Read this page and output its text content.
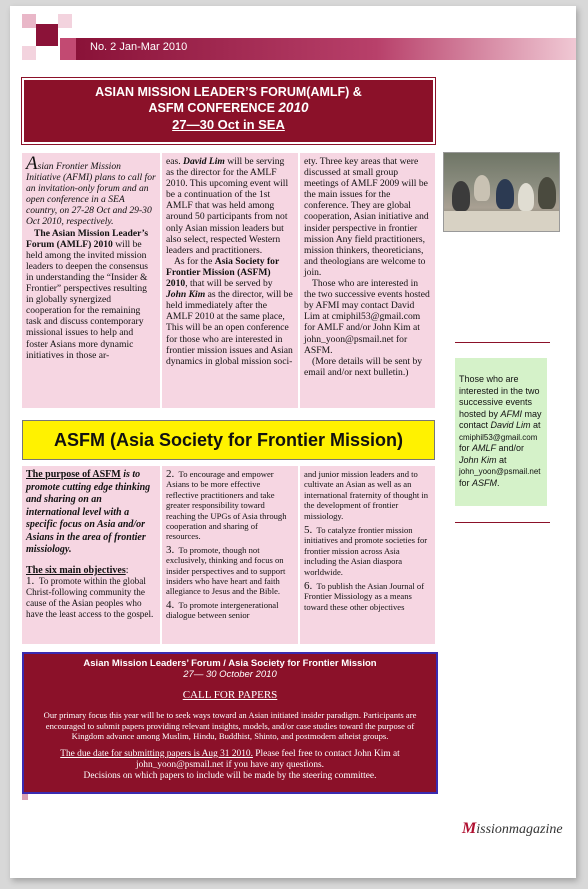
No. 2 Jan-Mar 2010
ASIAN MISSION LEADER’S FORUM(AMLF) &
ASFM CONFERENCE 2010
27—30 Oct in SEA

Asian Frontier Mission Initiative (AFMI) plans to call for an invitation-only forum and an open conference in a SEA country, on 27-28 Oct and 29-30 Oct 2010, respectively.

The Asian Mission Leader’s Forum (AMLF) 2010 will be held among the invited mission leaders to deepen the consensus in understanding the “Insider & Frontier” perspectives resulting in globally synergized cooperation for the remaining task and discuss contemporary missional issues to help and foster Asians more dynamic initiatives in those ar-

eas. David Lim will be serving as the director for the AMLF 2010. This upcoming event will be a continuation of the 1st AMLF that was held among around 50 participants from not only Asian mission leaders but also select, respected Western leaders and practitioners.

As for the Asia Society for Frontier Mission (ASFM) 2010, that will be served by John Kim as the director, will be held immediately after the AMLF 2010 at the same place, This will be an open conference for those who are interested in frontier mission issues and Asian dynamics in global mission soci-

ety. Three key areas that were discussed at small group meetings of AMLF 2009 will be the main issues for the conference. They are global cooperation, Asian initiative and insider perspective in frontier mission Any field practitioners, mission thinkers, theoreticians, and theologians are welcome to join.

Those who are interested in the two successive events hosted by AFMI may contact David Lim at cmiphil53@gmail.com for AMLF and/or John Kim at john_yoon@psmail.net for ASFM.

(More details will be sent by email and/or next bulletin.)

Those who are interested in the two successive events hosted by AFMI may contact David Lim at
cmiphil53@gmail.com
for AMLF and/or
John Kim at
john_yoon@psmail.net
for ASFM.
ASFM (Asia Society for Frontier Mission)

The purpose of ASFM is to promote cutting edge thinking and sharing on an international level with a specific focus on Asia and/or Asians in the area of frontier missiology.

The six main objectives:

1. To promote within the global Christ-following community the cause of the Asian peoples who have the least access to the gospel.

2. To encourage and empower Asians to be more effective reflective practitioners and take greater responsibility toward reaching the UPGs of Asia through cooperation and sharing of resources.

3. To promote, though not exclusively, thinking and focus on insider perspectives and to support insiders who have heart and faith allegiance to Jesus and the Bible.

4. To promote intergenerational dialogue between senior

and junior mission leaders and to cultivate an Asian as well as an international fraternity of thought in the development of frontier missiology.

5. To catalyze frontier mission initiatives and promote societies for frontier mission across Asia including the Asian diaspora worldwide.

6. To publish the Asian Journal of Frontier Missiology as a means toward these other objectives

Asian Mission Leaders’ Forum / Asia Society for Frontier Mission
27— 30 October 2010
CALL FOR PAPERS
Our primary focus this year will be to seek ways toward an Asian initiated insider paradigm. Participants are encouraged to submit papers providing relevant insights, models, and/or case studies toward the purpose of Kingdom advance among Muslim, Hindu, Buddhist, Shinto, and postmodern atheist groups.
The due date for submitting papers is Aug 31 2010. Please feel free to contact John Kim at john_yoon@psmail.net if you have any questions.
Decisions on which papers to include will be made by the steering committee.
Missionmagazine
